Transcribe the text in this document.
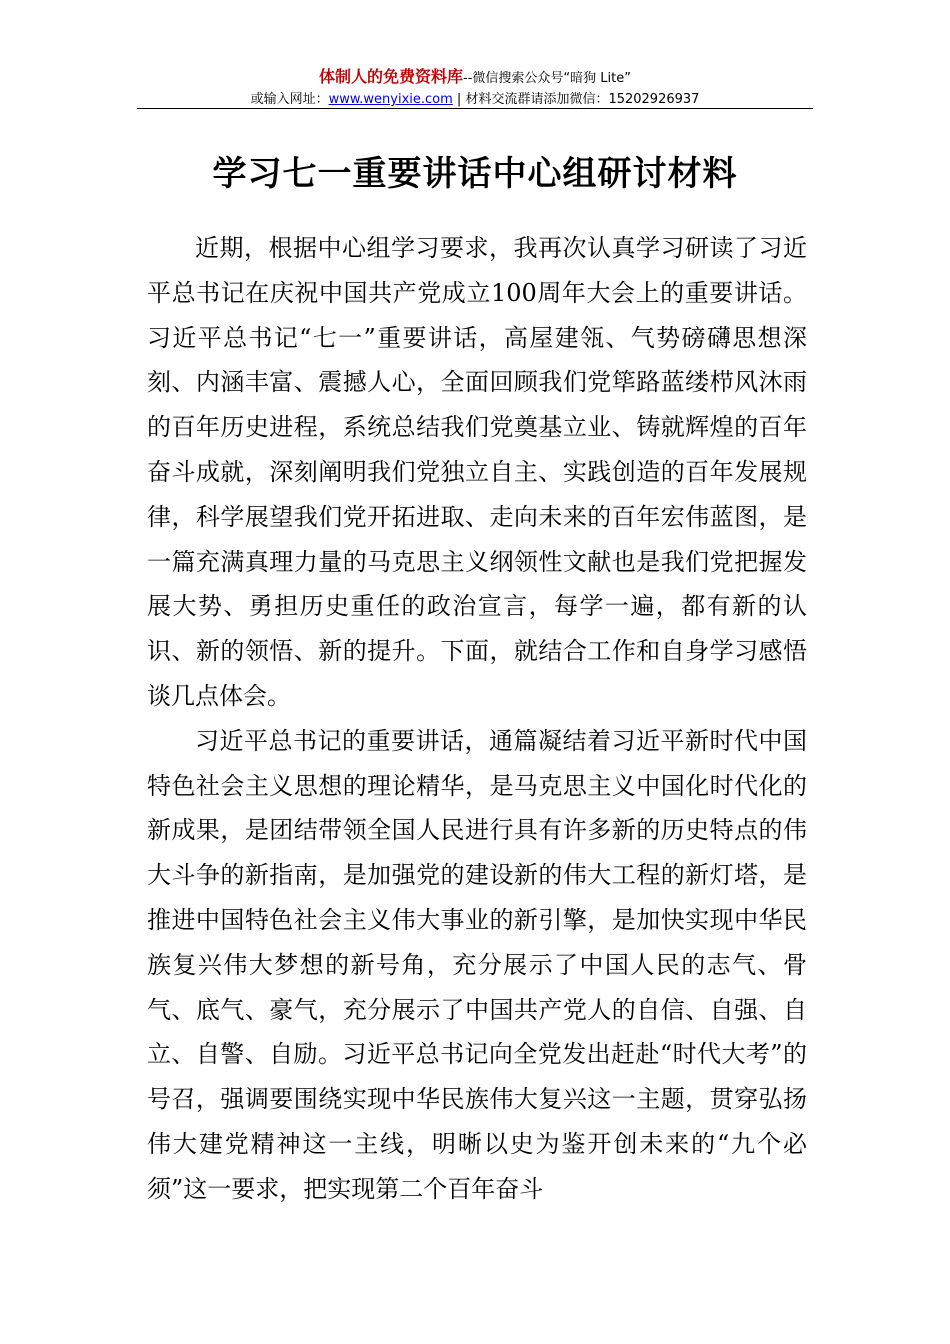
体制人的免费资料库--微信搜索公众号“暗狗 Lite”
或输入网址：www.wenyixie.com | 材料交流群请添加微信：15202926937
学习七一重要讲话中心组研讨材料

近期，根据中心组学习要求，我再次认真学习研读了习近平总书记在庆祝中国共产党成立100周年大会上的重要讲话。习近平总书记“七一”重要讲话，高屋建瓴、气势磅礴思想深刻、内涵丰富、震撼人心，全面回顾我们党筚路蓝缕栉风沐雨的百年历史进程，系统总结我们党奠基立业、铸就辉煌的百年奋斗成就，深刻阐明我们党独立自主、实践创造的百年发展规律，科学展望我们党开拓进取、走向未来的百年宏伟蓝图，是一篇充满真理力量的马克思主义纲领性文献也是我们党把握发展大势、勇担历史重任的政治宣言，每学一遍，都有新的认识、新的领悟、新的提升。下面，就结合工作和自身学习感悟谈几点体会。

习近平总书记的重要讲话，通篇凝结着习近平新时代中国特色社会主义思想的理论精华，是马克思主义中国化时代化的新成果，是团结带领全国人民进行具有许多新的历史特点的伟大斗争的新指南，是加强党的建设新的伟大工程的新灯塔，是推进中国特色社会主义伟大事业的新引擎，是加快实现中华民族复兴伟大梦想的新号角，充分展示了中国人民的志气、骨气、底气、豪气，充分展示了中国共产党人的自信、自强、自立、自警、自励。习近平总书记向全党发出赶赴“时代大考”的号召，强调要围绕实现中华民族伟大复兴这一主题，贯穿弘扬伟大建党精神这一主线，明晰以史为鉴开创未来的“九个必须”这一要求，把实现第二个百年奋斗
